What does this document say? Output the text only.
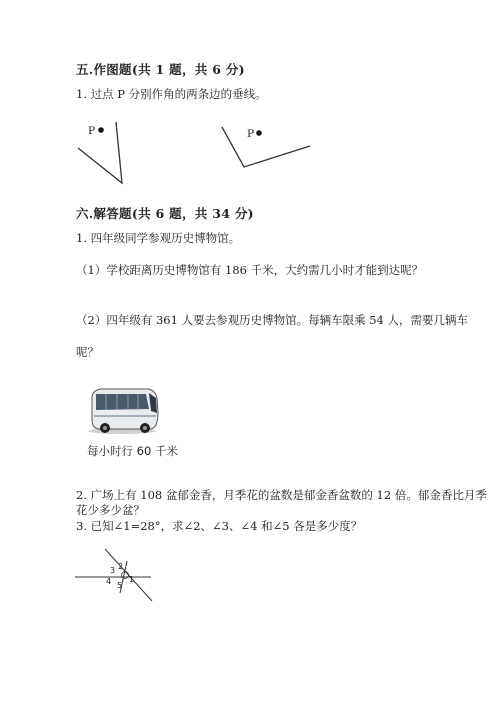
五.作图题(共 1 题，共 6 分)
1. 过点 P 分别作角的两条边的垂线。
P	P
六.解答题(共 6 题，共 34 分)
1. 四年级同学参观历史博物馆。
（1）学校距离历史博物馆有 186 千米，大约需几小时才能到达呢？
（2）四年级有 361 人要去参观历史博物馆。每辆车限乘 54 人，需要几辆车
呢？
每小时行 60 千米
2. 广场上有 108 盆郁金香，月季花的盆数是郁金香盆数的 12 倍。郁金香比月季
花少多少盆？
3. 已知∠1=28°，求∠2、∠3、∠4 和∠5 各是多少度？
3 2
4 5
1
